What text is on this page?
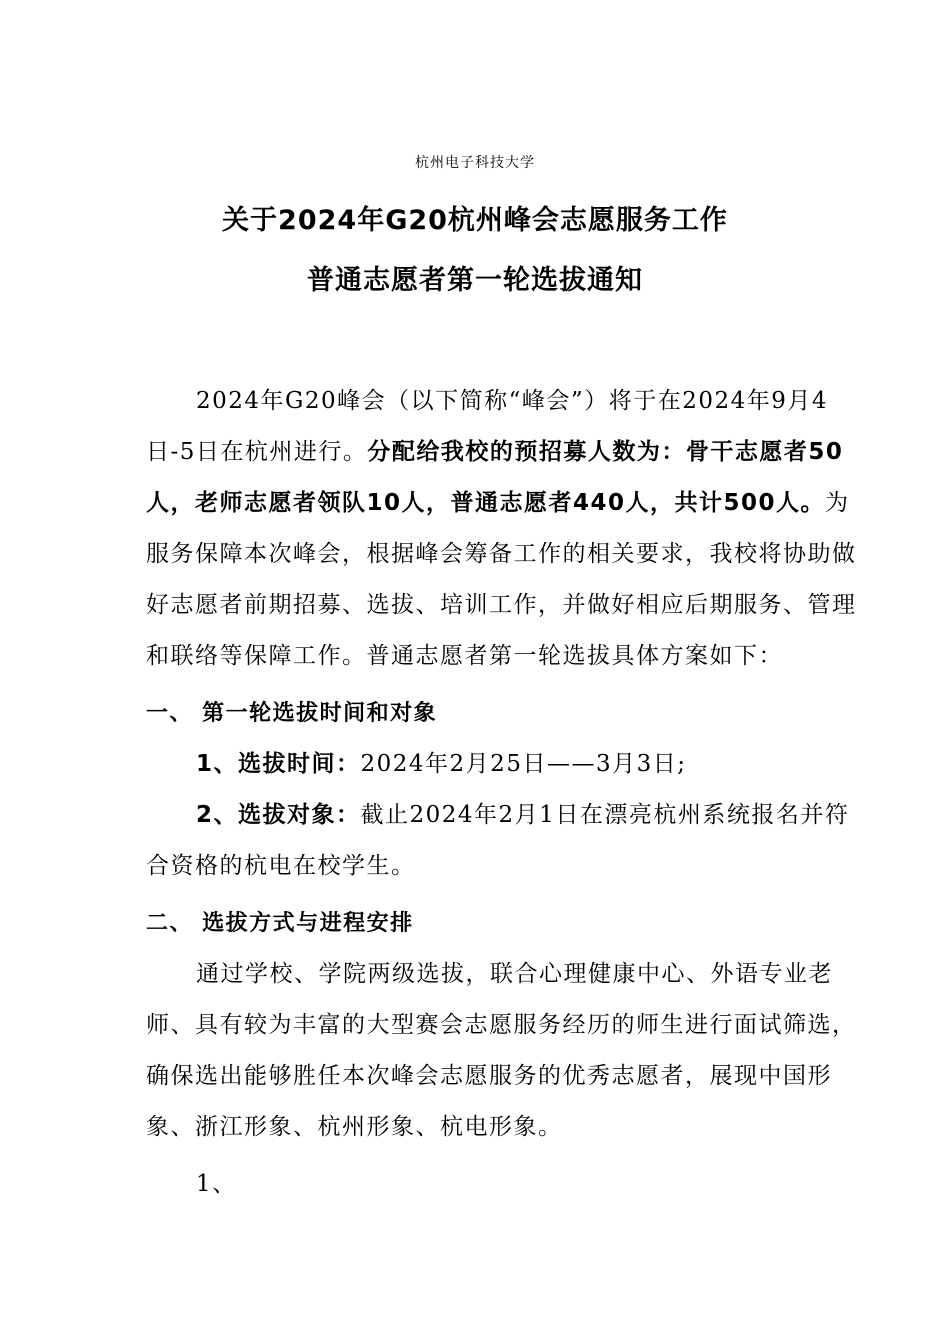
杭州电子科技大学
关于2024年G20杭州峰会志愿服务工作
普通志愿者第一轮选拔通知

2024年G20峰会（以下简称“峰会”）将于在2024年9月4日-5日在杭州进行。分配给我校的预招募人数为：骨干志愿者50人，老师志愿者领队10人，普通志愿者440人，共计500人。为服务保障本次峰会，根据峰会筹备工作的相关要求，我校将协助做好志愿者前期招募、选拔、培训工作，并做好相应后期服务、管理和联络等保障工作。普通志愿者第一轮选拔具体方案如下：

一、 第一轮选拔时间和对象

1、选拔时间：2024年2月25日——3月3日;

2、选拔对象：截止2024年2月1日在漂亮杭州系统报名并符合资格的杭电在校学生。

二、 选拔方式与进程安排

通过学校、学院两级选拔，联合心理健康中心、外语专业老师、具有较为丰富的大型赛会志愿服务经历的师生进行面试筛选，确保选出能够胜任本次峰会志愿服务的优秀志愿者，展现中国形象、浙江形象、杭州形象、杭电形象。

1、
